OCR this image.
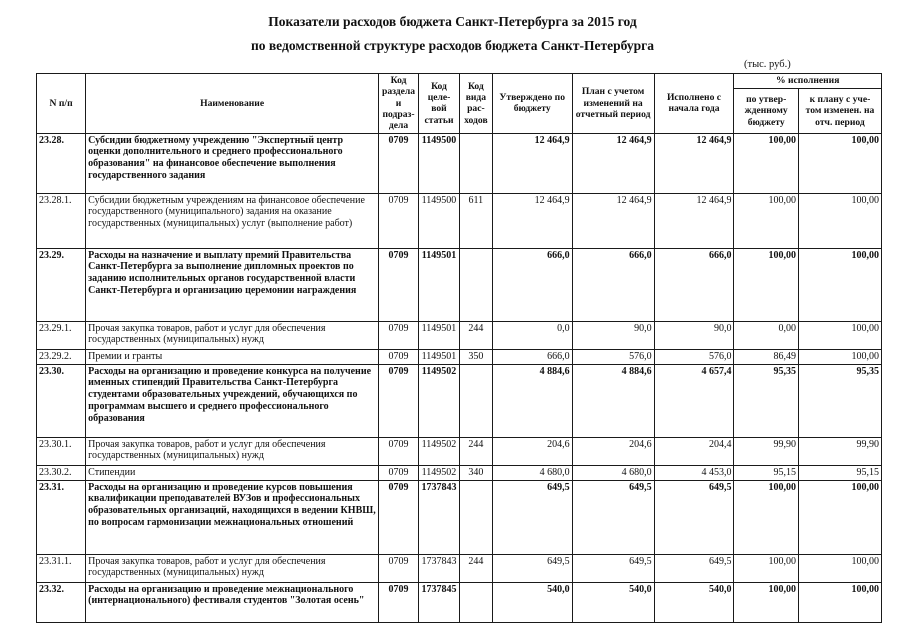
Показатели расходов бюджета Санкт-Петербурга за 2015 год
по ведомственной структуре расходов бюджета Санкт-Петербурга
(тыс. руб.)
N п/п	Наименование	Код раздела и подраз- дела	Код целе- вой статьи	Код вида рас- ходов	Утверждено по бюджету	План с учетом изменений на отчетный период	Исполнено с начала года	% исполнения	
								по утвер- жденному бюджету	к плану с уче- том изменен. на отч. период
23.28.	Субсидии бюджетному учреждению "Экспертный центр оценки дополнительного и среднего профессионального образования" на финансовое обеспечение выполнения государственного задания	0709	1149500		12 464,9	12 464,9	12 464,9	100,00	100,00
23.28.1.	Субсидии бюджетным учреждениям на финансовое обеспечение государственного (муниципального) задания на оказание государственных (муниципальных) услуг (выполнение работ)	0709	1149500	611	12 464,9	12 464,9	12 464,9	100,00	100,00
23.29.	Расходы на назначение и выплату премий Правительства Санкт-Петербурга за выполнение дипломных проектов по заданию исполнительных органов государственной власти Санкт-Петербурга и организацию церемонии награждения	0709	1149501		666,0	666,0	666,0	100,00	100,00
23.29.1.	Прочая закупка товаров, работ и услуг для обеспечения государственных (муниципальных) нужд	0709	1149501	244	0,0	90,0	90,0	0,00	100,00
23.29.2.	Премии и гранты	0709	1149501	350	666,0	576,0	576,0	86,49	100,00
23.30.	Расходы на организацию и проведение конкурса на получение именных стипендий Правительства Санкт-Петербурга студентами образовательных учреждений, обучающихся по программам высшего и среднего профессионального образования	0709	1149502		4 884,6	4 884,6	4 657,4	95,35	95,35
23.30.1.	Прочая закупка товаров, работ и услуг для обеспечения государственных (муниципальных) нужд	0709	1149502	244	204,6	204,6	204,4	99,90	99,90
23.30.2.	Стипендии	0709	1149502	340	4 680,0	4 680,0	4 453,0	95,15	95,15
23.31.	Расходы на организацию и проведение курсов повышения квалификации преподавателей ВУЗов и профессиональных образовательных организаций, находящихся в ведении КНВШ, по вопросам гармонизации межнациональных отношений	0709	1737843		649,5	649,5	649,5	100,00	100,00
23.31.1.	Прочая закупка товаров, работ и услуг для обеспечения государственных (муниципальных) нужд	0709	1737843	244	649,5	649,5	649,5	100,00	100,00
23.32.	Расходы на организацию и проведение межнационального (интернационального) фестиваля студентов "Золотая осень"	0709	1737845		540,0	540,0	540,0	100,00	100,00
